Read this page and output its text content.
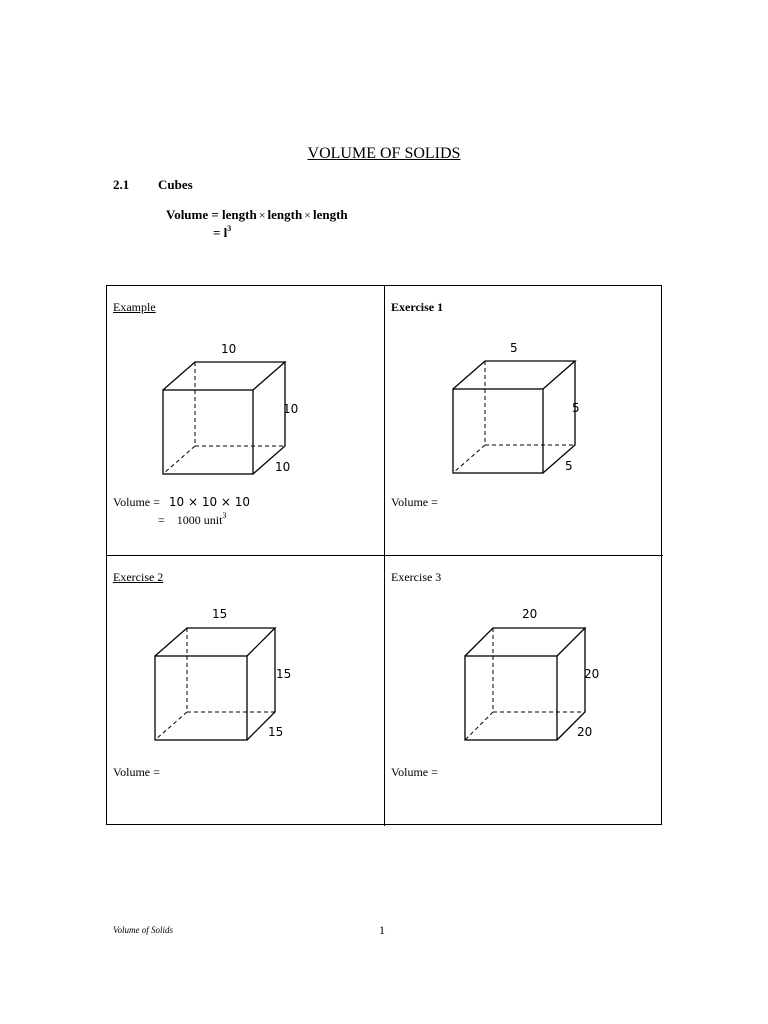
VOLUME OF SOLIDS
2.1 Cubes
Volume = length × length × length
= $l^3$
Example
10
10
10
Volume = 10 × 10 × 10
= 1000 unit$^3$
Exercise 1
5
5
5
Volume =
Exercise 2
15
15
15
Volume =
Exercise 3
20
20
20
Volume =
Volume of Solids	1
